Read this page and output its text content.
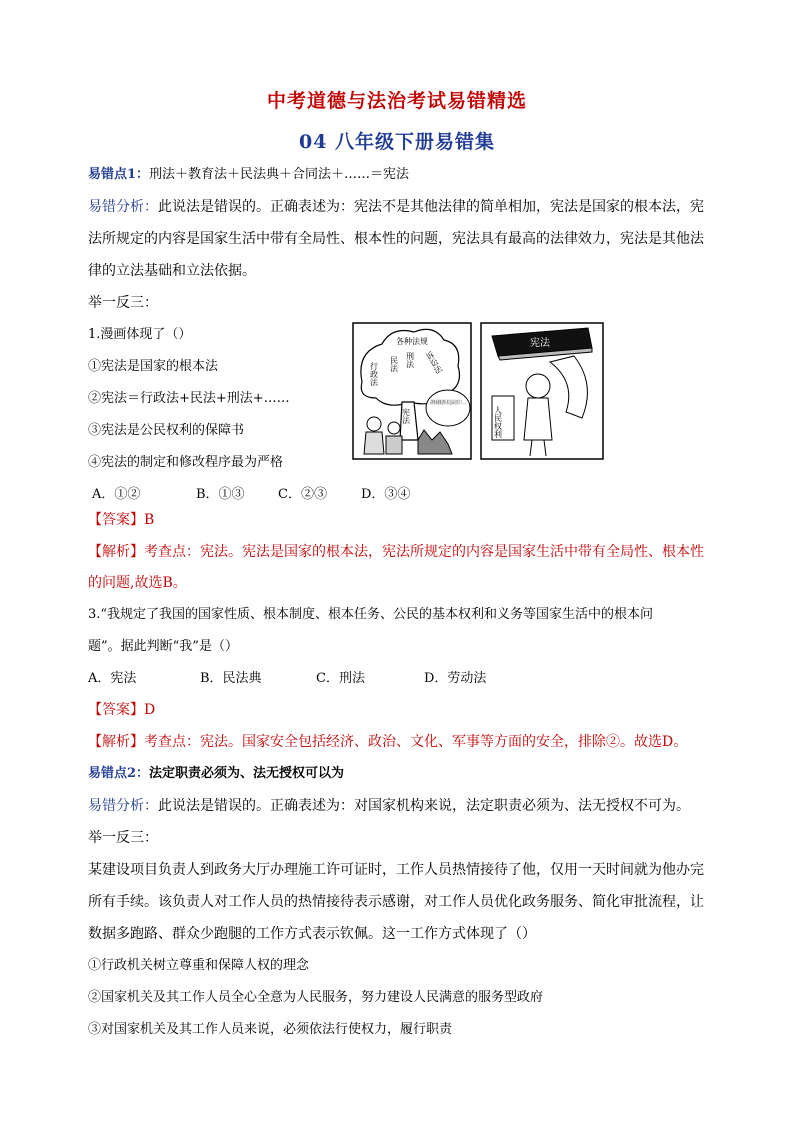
中考道德与法治考试易错精选
04 八年级下册易错集
易错点1：刑法＋教育法＋民法典＋合同法＋……＝宪法
易错分析：此说法是错误的。正确表述为：宪法不是其他法律的简单相加，宪法是国家的根本法，宪
法所规定的内容是国家生活中带有全局性、根本性的问题，宪法具有最高的法律效力，宪法是其他法
律的立法基础和立法依据。
举一反三：
1.漫画体现了（）
①宪法是国家的根本法
②宪法＝行政法+民法+刑法+……
③宪法是公民权利的保障书
④宪法的制定和修改程序最为严格
A．①②	B．①③	C．②③	D．③④
各种法规
行政法 民法 刑法 诉讼法
宪法
法律体系就像这棵大树,宪法是它的主干……
宪法
人民权利
【答案】B
【解析】考查点：宪法。宪法是国家的根本法，宪法所规定的内容是国家生活中带有全局性、根本性
的问题,故选B。
3.“我规定了我国的国家性质、根本制度、根本任务、公民的基本权利和义务等国家生活中的根本问
题”。据此判断“我”是（）
A．宪法	B．民法典	C．刑法	D．劳动法
【答案】D
【解析】考查点：宪法。国家安全包括经济、政治、文化、军事等方面的安全，排除②。故选D。
易错点2：法定职责必须为、法无授权可以为
易错分析：此说法是错误的。正确表述为：对国家机构来说，法定职责必须为、法无授权不可为。
举一反三：
某建设项目负责人到政务大厅办理施工许可证时，工作人员热情接待了他，仅用一天时间就为他办完
所有手续。该负责人对工作人员的热情接待表示感谢，对工作人员优化政务服务、简化审批流程，让
数据多跑路、群众少跑腿的工作方式表示钦佩。这一工作方式体现了（）
①行政机关树立尊重和保障人权的理念
②国家机关及其工作人员全心全意为人民服务，努力建设人民满意的服务型政府
③对国家机关及其工作人员来说，必须依法行使权力，履行职责
